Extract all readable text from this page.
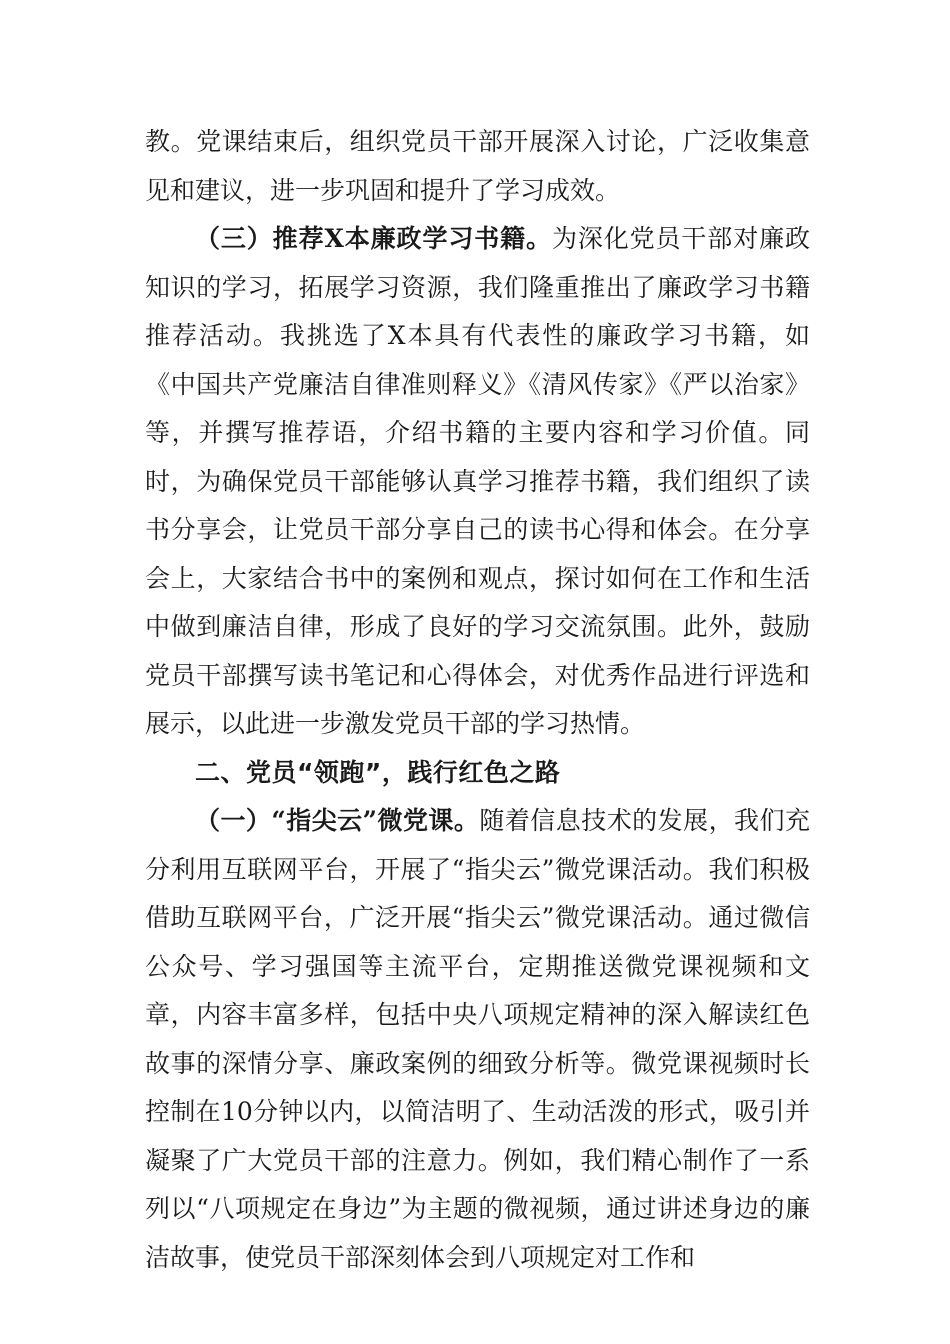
教。党课结束后，组织党员干部开展深入讨论，广泛收集意见和建议，进一步巩固和提升了学习成效。

（三）推荐X本廉政学习书籍。为深化党员干部对廉政知识的学习，拓展学习资源，我们隆重推出了廉政学习书籍推荐活动。我挑选了X本具有代表性的廉政学习书籍，如《中国共产党廉洁自律准则释义》《清风传家》《严以治家》等，并撰写推荐语，介绍书籍的主要内容和学习价值。同时，为确保党员干部能够认真学习推荐书籍，我们组织了读书分享会，让党员干部分享自己的读书心得和体会。在分享会上，大家结合书中的案例和观点，探讨如何在工作和生活中做到廉洁自律，形成了良好的学习交流氛围。此外，鼓励党员干部撰写读书笔记和心得体会，对优秀作品进行评选和展示，以此进一步激发党员干部的学习热情。

二、党员“领跑”，践行红色之路

（一）“指尖云”微党课。随着信息技术的发展，我们充分利用互联网平台，开展了“指尖云”微党课活动。我们积极借助互联网平台，广泛开展“指尖云”微党课活动。通过微信公众号、学习强国等主流平台，定期推送微党课视频和文章，内容丰富多样，包括中央八项规定精神的深入解读红色故事的深情分享、廉政案例的细致分析等。微党课视频时长控制在10分钟以内，以简洁明了、生动活泼的形式，吸引并凝聚了广大党员干部的注意力。例如，我们精心制作了一系列以“八项规定在身边”为主题的微视频，通过讲述身边的廉洁故事，使党员干部深刻体会到八项规定对工作和
